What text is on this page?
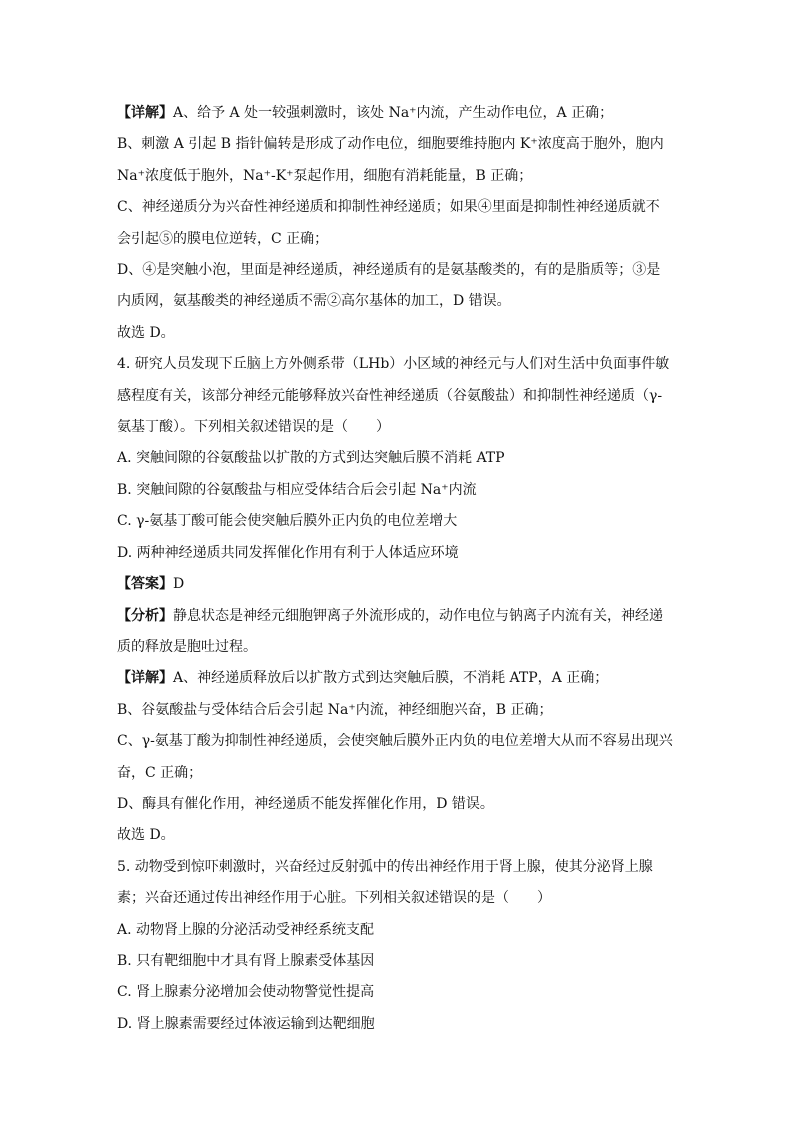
【详解】A、给予 A 处一较强刺激时，该处 Na⁺内流，产生动作电位，A 正确；
B、刺激 A 引起 B 指针偏转是形成了动作电位，细胞要维持胞内 K⁺浓度高于胞外，胞内
Na⁺浓度低于胞外，Na⁺-K⁺泵起作用，细胞有消耗能量，B 正确；
C、神经递质分为兴奋性神经递质和抑制性神经递质；如果④里面是抑制性神经递质就不
会引起⑤的膜电位逆转，C 正确；
D、④是突触小泡，里面是神经递质，神经递质有的是氨基酸类的，有的是脂质等；③是
内质网，氨基酸类的神经递质不需②高尔基体的加工，D 错误。
故选 D。
4. 研究人员发现下丘脑上方外侧系带（LHb）小区域的神经元与人们对生活中负面事件敏
感程度有关，该部分神经元能够释放兴奋性神经递质（谷氨酸盐）和抑制性神经递质（γ-
氨基丁酸）。下列相关叙述错误的是（　　）
A. 突触间隙的谷氨酸盐以扩散的方式到达突触后膜不消耗 ATP
B. 突触间隙的谷氨酸盐与相应受体结合后会引起 Na⁺内流
C. γ-氨基丁酸可能会使突触后膜外正内负的电位差增大
D. 两种神经递质共同发挥催化作用有利于人体适应环境
【答案】D
【分析】静息状态是神经元细胞钾离子外流形成的，动作电位与钠离子内流有关，神经递
质的释放是胞吐过程。
【详解】A、神经递质释放后以扩散方式到达突触后膜，不消耗 ATP，A 正确；
B、谷氨酸盐与受体结合后会引起 Na⁺内流，神经细胞兴奋，B 正确；
C、γ-氨基丁酸为抑制性神经递质，会使突触后膜外正内负的电位差增大从而不容易出现兴
奋，C 正确；
D、酶具有催化作用，神经递质不能发挥催化作用，D 错误。
故选 D。
5. 动物受到惊吓刺激时，兴奋经过反射弧中的传出神经作用于肾上腺，使其分泌肾上腺
素；兴奋还通过传出神经作用于心脏。下列相关叙述错误的是（　　）
A. 动物肾上腺的分泌活动受神经系统支配
B. 只有靶细胞中才具有肾上腺素受体基因
C. 肾上腺素分泌增加会使动物警觉性提高
D. 肾上腺素需要经过体液运输到达靶细胞
